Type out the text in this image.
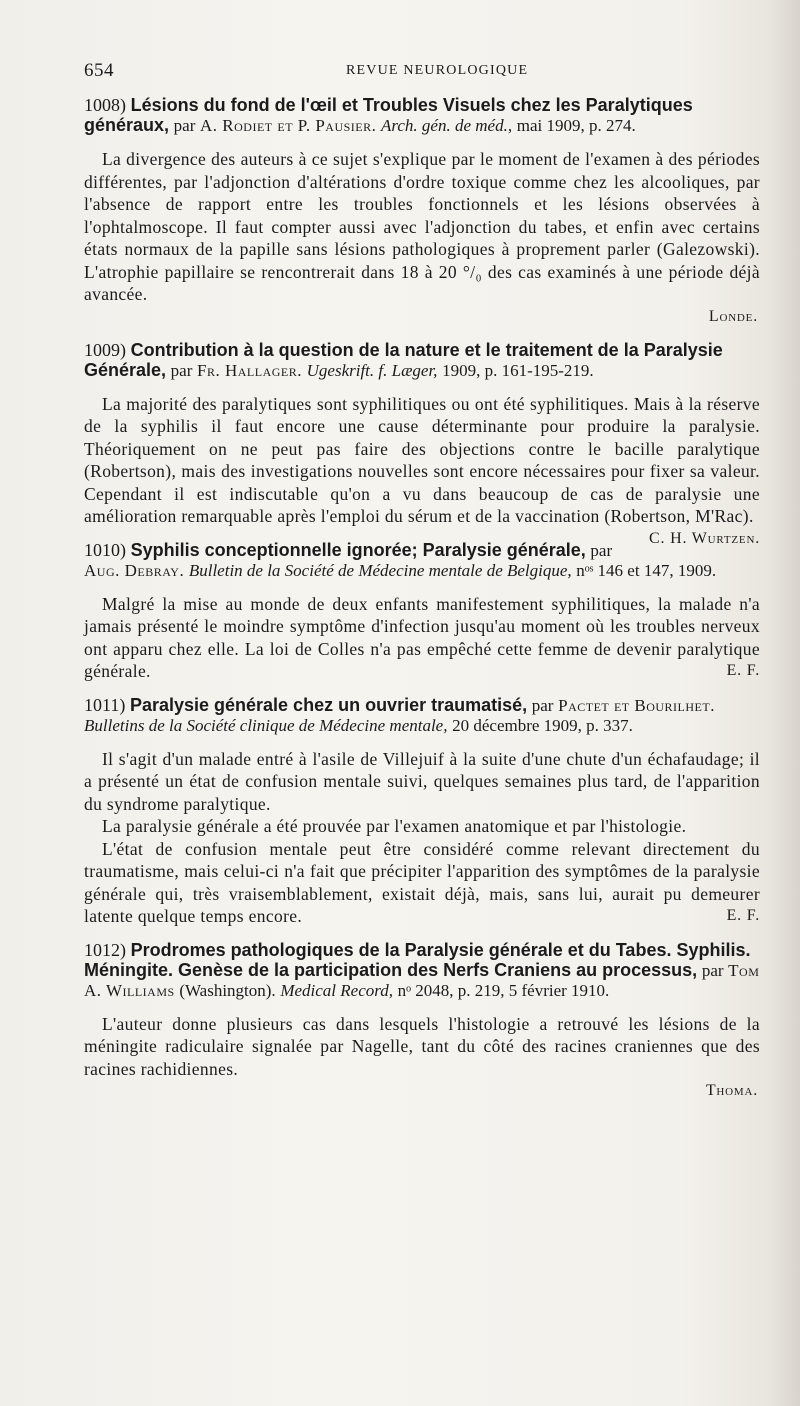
654	REVUE NEUROLOGIQUE

1008) Lésions du fond de l'œil et Troubles Visuels chez les Paralytiques généraux, par A. Rodiet et P. Pausier. Arch. gén. de méd., mai 1909, p. 274.

La divergence des auteurs à ce sujet s'explique par le moment de l'examen à des périodes différentes, par l'adjonction d'altérations d'ordre toxique comme chez les alcooliques, par l'absence de rapport entre les troubles fonctionnels et les lésions observées à l'ophtalmoscope. Il faut compter aussi avec l'adjonction du tabes, et enfin avec certains états normaux de la papille sans lésions pathologiques à proprement parler (Galezowski). L'atrophie papillaire se rencontrerait dans 18 à 20 °/₀ des cas examinés à une période déjà avancée.

Londe.

1009) Contribution à la question de la nature et le traitement de la Paralysie Générale, par Fr. Hallager. Ugeskrift. f. Læger, 1909, p. 161-195-219.

La majorité des paralytiques sont syphilitiques ou ont été syphilitiques. Mais à la réserve de la syphilis il faut encore une cause déterminante pour produire la paralysie. Théoriquement on ne peut pas faire des objections contre le bacille paralytique (Robertson), mais des investigations nouvelles sont encore nécessaires pour fixer sa valeur. Cependant il est indiscutable qu'on a vu dans beaucoup de cas de paralysie une amélioration remarquable après l'emploi du sérum et de la vaccination (Robertson, M'Rac).
C. H. Wurtzen.

1010) Syphilis conceptionnelle ignorée; Paralysie générale, par Aug. Debray. Bulletin de la Société de Médecine mentale de Belgique, nᵒˢ 146 et 147, 1909.

Malgré la mise au monde de deux enfants manifestement syphilitiques, la malade n'a jamais présenté le moindre symptôme d'infection jusqu'au moment où les troubles nerveux ont apparu chez elle. La loi de Colles n'a pas empêché cette femme de devenir paralytique générale.	E. F.

1011) Paralysie générale chez un ouvrier traumatisé, par Pactet et Bourilhet. Bulletins de la Société clinique de Médecine mentale, 20 décembre 1909, p. 337.

Il s'agit d'un malade entré à l'asile de Villejuif à la suite d'une chute d'un échafaudage; il a présenté un état de confusion mentale suivi, quelques semaines plus tard, de l'apparition du syndrome paralytique.

La paralysie générale a été prouvée par l'examen anatomique et par l'histologie.

L'état de confusion mentale peut être considéré comme relevant directement du traumatisme, mais celui-ci n'a fait que précipiter l'apparition des symptômes de la paralysie générale qui, très vraisemblablement, existait déjà, mais, sans lui, aurait pu demeurer latente quelque temps encore.	E. F.

1012) Prodromes pathologiques de la Paralysie générale et du Tabes. Syphilis. Méningite. Genèse de la participation des Nerfs Craniens au processus, par Tom A. Williams (Washington). Medical Record, nᵒ 2048, p. 219, 5 février 1910.

L'auteur donne plusieurs cas dans lesquels l'histologie a retrouvé les lésions de la méningite radiculaire signalée par Nagelle, tant du côté des racines craniennes que des racines rachidiennes.

Thoma.
